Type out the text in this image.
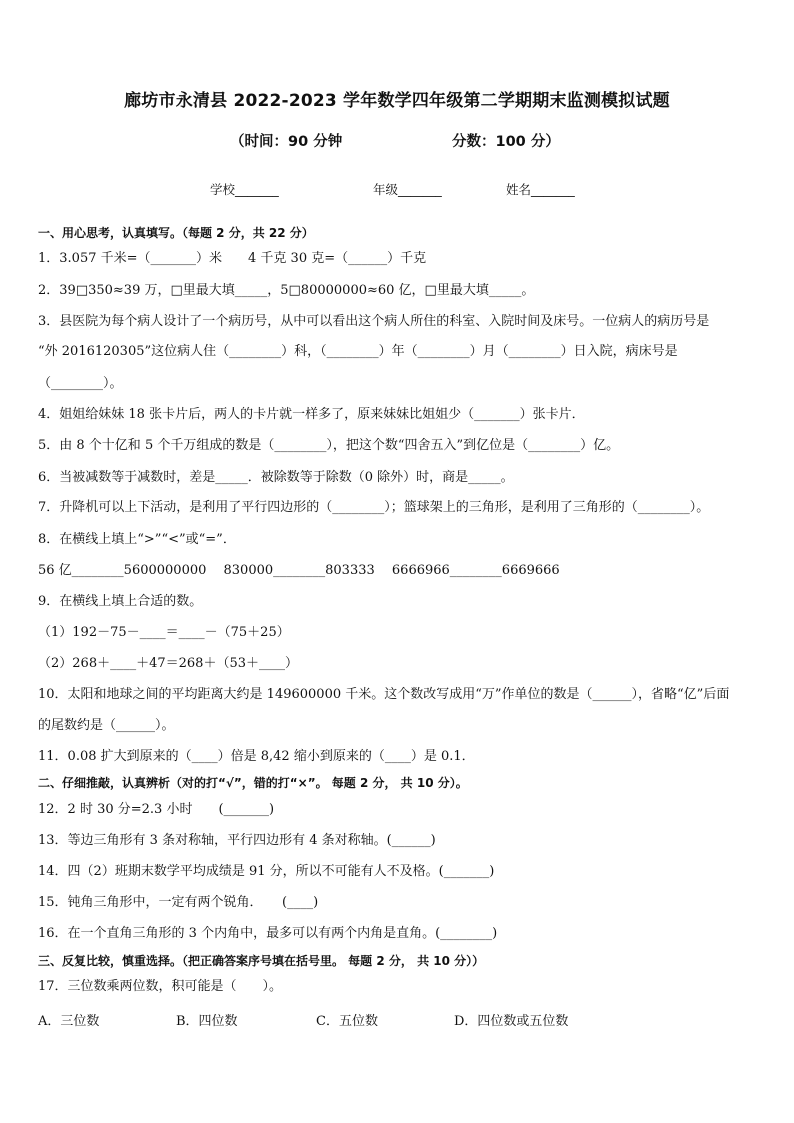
廊坊市永清县 2022-2023 学年数学四年级第二学期期末监测模拟试题
（时间：90 分钟	分数：100 分）
学校_______	年级_______	姓名_______
一、用心思考，认真填写。（每题 2 分，共 22 分）
1．3.057 千米=（_______）米　　4 千克 30 克=（______）千克
2．39□350≈39 万，□里最大填_____，5□80000000≈60 亿，□里最大填_____。
3．县医院为每个病人设计了一个病历号，从中可以看出这个病人所住的科室、入院时间及床号。一位病人的病历号是
“外 2016120305”这位病人住（________）科，（________）年（________）月（________）日入院，病床号是
（________）。
4．姐姐给妹妹 18 张卡片后，两人的卡片就一样多了，原来妹妹比姐姐少（_______）张卡片．
5．由 8 个十亿和 5 个千万组成的数是（________），把这个数“四舍五入”到亿位是（________）亿。
6．当被减数等于减数时，差是_____．被除数等于除数（0 除外）时，商是_____。
7．升降机可以上下活动，是利用了平行四边形的（________）；篮球架上的三角形，是利用了三角形的（________）。
8．在横线上填上“>”“<”或“=”．
56 亿________5600000000　 830000________803333　 6666966________6669666
9．在横线上填上合适的数。
（1）192－75－____＝____－（75＋25）
（2）268＋____＋47＝268＋（53＋____）
10．太阳和地球之间的平均距离大约是 149600000 千米。这个数改写成用“万”作单位的数是（______），省略“亿”后面
的尾数约是（______）。
11．0.08 扩大到原来的（____）倍是 8,42 缩小到原来的（____）是 0.1．
二、仔细推敲，认真辨析（对的打“√”，错的打“×”。 每题 2 分， 共 10 分）。
12．2 时 30 分=2.3 小时　　(_______)
13．等边三角形有 3 条对称轴，平行四边形有 4 条对称轴。(______)
14．四（2）班期末数学平均成绩是 91 分，所以不可能有人不及格。(_______)
15．钝角三角形中，一定有两个锐角．　　(____)
16．在一个直角三角形的 3 个内角中，最多可以有两个内角是直角。(________)
三、反复比较，慎重选择。（把正确答案序号填在括号里。 每题 2 分， 共 10 分））
17．三位数乘两位数，积可能是（　　）。
A．三位数	B．四位数	C．五位数	D．四位数或五位数
